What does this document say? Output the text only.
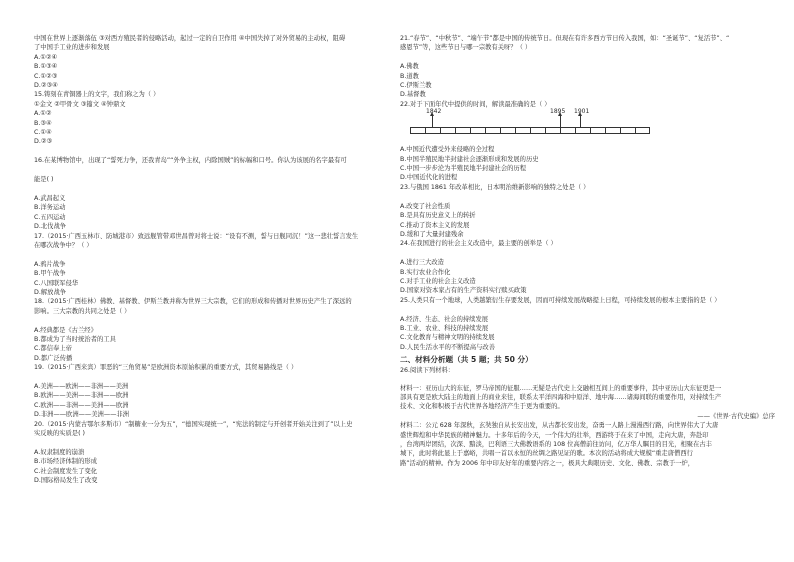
中国在世界上逐渐落伍 ③对西方殖民者的侵略活动，起过一定的自卫作用 ④中国失掉了对外贸易的主动权，阻碍
了中国手工业的进步和发展
A.①②④
B.①③④
C.①②③
D.②③④
15.铸刻在青铜器上的文字，我们称之为（ ）
①金文 ②甲骨文 ③籀文 ④钟鼎文
A.①②
B.③④
C.①④
D.②③

16.在某博物馆中，出现了“誓死力争，还我青岛”“外争主权，内除国贼”的标幅和口号。你认为该展的名字最有可

能是( )

A.武昌起义
B.洋务运动
C.五四运动
D.北伐战争
17.（2015·广西玉林市、防城港市）致远舰管带邓世昌曾对将士说：“设有不测，誓与日舰同沉！”这一悲壮誓言发生
在哪次战争中？（ ）

A.鸦片战争
B.甲午战争
C.八国联军侵华
D.解放战争
18.（2015·广西桂林）佛教、基督教、伊斯兰教并称为世界三大宗教，它们的形成和传播对世界历史产生了深远的
影响。三大宗教的共同之处是（ ）

A.经典都是《古兰经》
B.都成为了当时统治者的工具
C.都信奉上帝
D.都广泛传播
19.（2015·广西来宾）罪恶的“三角贸易”是欧洲资本原始积累的重要方式，其贸易路线是（ ）

A.美洲——欧洲——非洲——美洲
B.欧洲——美洲——非洲——欧洲
C.欧洲——非洲——美洲——欧洲
D.非洲——欧洲——美洲——非洲
20.（2015·内蒙古鄂尔多斯市）“制糖业一分为五”，“德国实现统一”，“宪法的制定与开创者开始关注到了”以上史
实反映的实质是( )

A.奴隶制度的崩溃
B.市场经济体制的形成
C.社会制度发生了变化
D.国际格局发生了改变
21.“春节”、“中秋节”、“端午节”都是中国的传统节日。但现在有许多西方节日传入我国，如：“圣诞节”、“复活节”、“
感恩节”等，这些节日与哪一宗教有关呀？（ ）

A.佛教
B.道教
C.伊斯兰教
D.基督教
22.对于下面年代中提供的时间，解读最准确的是（ ）
1842	1895 1901
A.中国近代遭受外来侵略的全过程
B.中国半殖民地半封建社会逐渐形成和发展的历史
C.中国一步步沦为半殖民地半封建社会的历程
D.中国近代化的进程
23.与俄国 1861 年改革相比，日本明治维新影响的独特之处是（ ）

A.改变了社会性质
B.是具有历史意义上的转折
C.推动了资本主义的发展
D.缓和了大量封建残余
24.在我国进行的社会主义改造中，最主要的创举是（ ）

A.进行三大改造
B.实行农业合作化
C.对手工业的社会主义改造
D.国家对资本家占有的生产资料实行赎买政策
25.人类只有一个地球，人类越繁衍生存要发展，因而可持续发展战略提上日程，可持续发展的根本主要指的是（ ）

A.经济、生态、社会的持续发展
B.工业、农业、科技的持续发展
C.文化教育与精神文明的持续发展
D.人民生活水平的不断提高与改善
二、材料分析题（共 5 题；共 50 分）
26.阅读下列材料：
材料一：亚历山大的东征，罗马帝国的征服……无疑是古代史上交融相互间上的重要事件，其中亚历山大东征更是一
部具有更是欧大陆主的地面上的商业来往，联系太平洋四海和中原洋、地中海……诸海间联的重要作用，对持续生产
技术、文化和积极于古代世界各地经济产生于更为重要的。
——《世界·古代史编》总序
材料二：公元 628 年深秋，玄奘独自从长安出发，从古都长安出发，奋勇一人路上漫漫西行路，向世界伟大了大唐
盛世辉煌和中华民族的精神魅力。十多年后的今天，一个伟大的壮举，西游终于在来了中国，走向大唐，奔赴印
，台湾两岸团结，次深、黯淡，巴利语三大佛教语系的 108 位高僧前往访问，亿万华人瞩目的目光，相聚在古丰
城下，此时将此显上于嘉峪，共唱一首以永恒的丝绸之路见证的歌。本次的活动将成大规模“重走唐僧西行
路”活动的精神。作为 2006 年中印友好年的重要内容之一，极具大典眼历史、文化、佛教、宗教于一炉，
